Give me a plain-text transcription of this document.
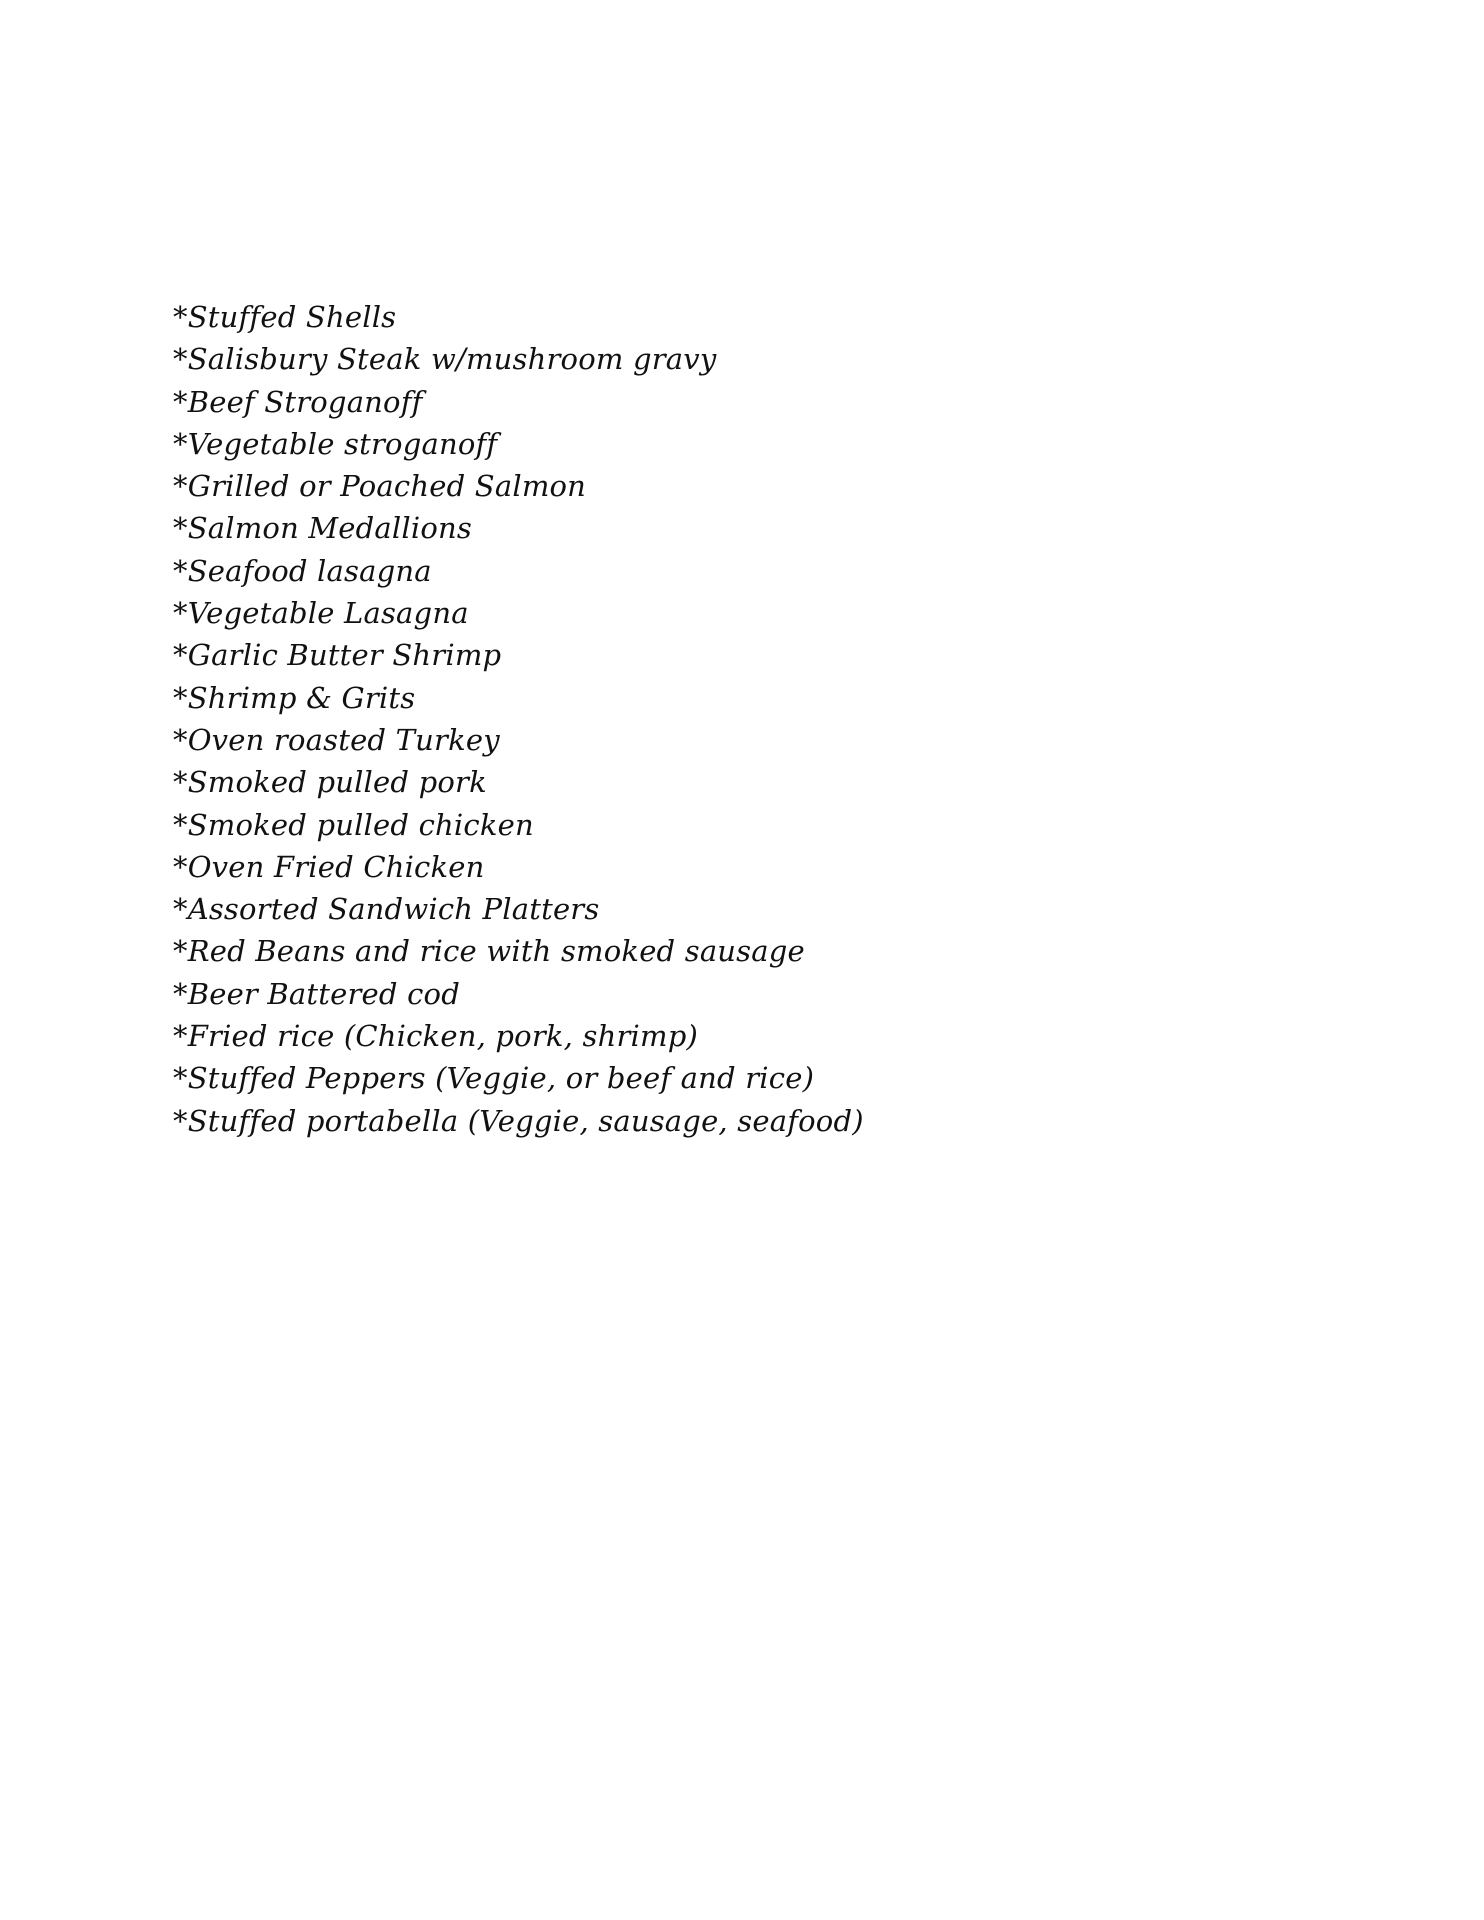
*Stuffed Shells
*Salisbury Steak w/mushroom gravy
*Beef Stroganoff
*Vegetable stroganoff
*Grilled or Poached Salmon
*Salmon Medallions
*Seafood lasagna
*Vegetable Lasagna
*Garlic Butter Shrimp
*Shrimp & Grits
*Oven roasted Turkey
*Smoked pulled pork
*Smoked pulled chicken
*Oven Fried Chicken
*Assorted Sandwich Platters
*Red Beans and rice with smoked sausage
*Beer Battered cod
*Fried rice (Chicken, pork, shrimp)
*Stuffed Peppers (Veggie, or beef and rice)
*Stuffed portabella (Veggie, sausage, seafood)
